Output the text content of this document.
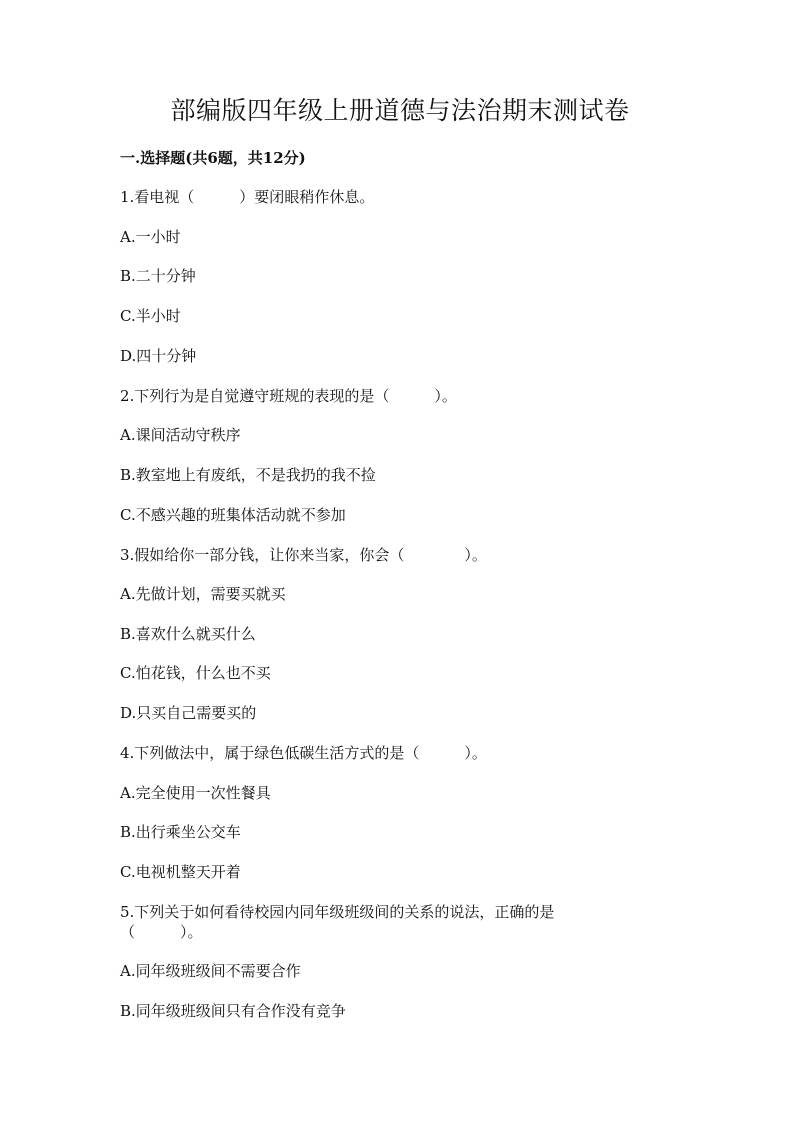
部编版四年级上册道德与法治期末测试卷
一.选择题(共6题，共12分)
1.看电视（　　　）要闭眼稍作休息。
A.一小时
B.二十分钟
C.半小时
D.四十分钟
2.下列行为是自觉遵守班规的表现的是（　　　）。
A.课间活动守秩序
B.教室地上有废纸，不是我扔的我不捡
C.不感兴趣的班集体活动就不参加
3.假如给你一部分钱，让你来当家，你会（　　　　）。
A.先做计划，需要买就买
B.喜欢什么就买什么
C.怕花钱，什么也不买
D.只买自己需要买的
4.下列做法中，属于绿色低碳生活方式的是（　　　）。
A.完全使用一次性餐具
B.出行乘坐公交车
C.电视机整天开着
5.下列关于如何看待校园内同年级班级间的关系的说法，正确的是（　　　）。
A.同年级班级间不需要合作
B.同年级班级间只有合作没有竞争
